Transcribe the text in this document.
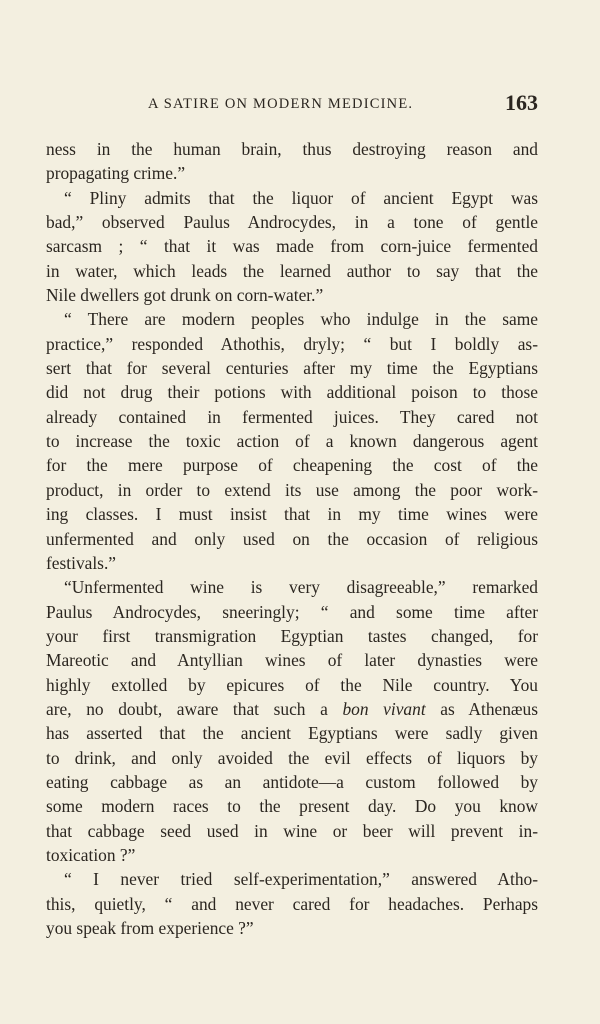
A SATIRE ON MODERN MEDICINE.	163
ness in the human brain, thus destroying reason and
propagating crime.”
“ Pliny admits that the liquor of ancient Egypt was
bad,” observed Paulus Androcydes, in a tone of gentle
sarcasm ; “ that it was made from corn-juice fermented
in water, which leads the learned author to say that the
Nile dwellers got drunk on corn-water.”
“ There are modern peoples who indulge in the same
practice,” responded Athothis, dryly; “ but I boldly as-
sert that for several centuries after my time the Egyptians
did not drug their potions with additional poison to those
already contained in fermented juices. They cared not
to increase the toxic action of a known dangerous agent
for the mere purpose of cheapening the cost of the
product, in order to extend its use among the poor work-
ing classes. I must insist that in my time wines were
unfermented and only used on the occasion of religious
festivals.”
“Unfermented wine is very disagreeable,” remarked
Paulus Androcydes, sneeringly; “ and some time after
your first transmigration Egyptian tastes changed, for
Mareotic and Antyllian wines of later dynasties were
highly extolled by epicures of the Nile country. You
are, no doubt, aware that such a bon vivant as Athenæus
has asserted that the ancient Egyptians were sadly given
to drink, and only avoided the evil effects of liquors by
eating cabbage as an antidote—a custom followed by
some modern races to the present day. Do you know
that cabbage seed used in wine or beer will prevent in-
toxication ?”
“ I never tried self-experimentation,” answered Atho-
this, quietly, “ and never cared for headaches. Perhaps
you speak from experience ?”
